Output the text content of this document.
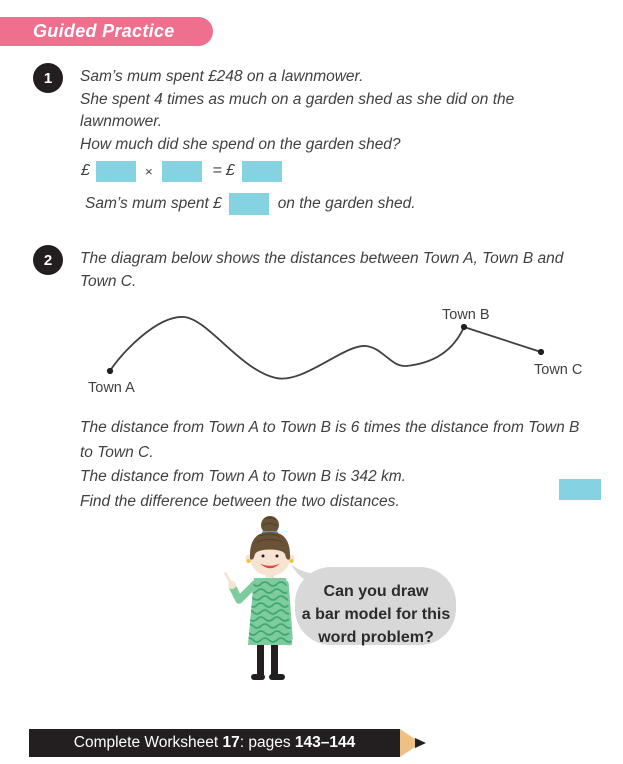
Guided Practice
1 Sam’s mum spent £248 on a lawnmower.
She spent 4 times as much on a garden shed as she did on the
lawnmower.
How much did she spend on the garden shed?
£	×	= £
Sam’s mum spent £	on the garden shed.
2 The diagram below shows the distances between Town A, Town B and
Town C.
Town A
Town B
Town C
The distance from Town A to Town B is 6 times the distance from Town B
to Town C.
The distance from Town A to Town B is 342 km.
Find the difference between the two distances.
Can you draw
a bar model for this
word problem?
Complete Worksheet 17: pages 143–144
